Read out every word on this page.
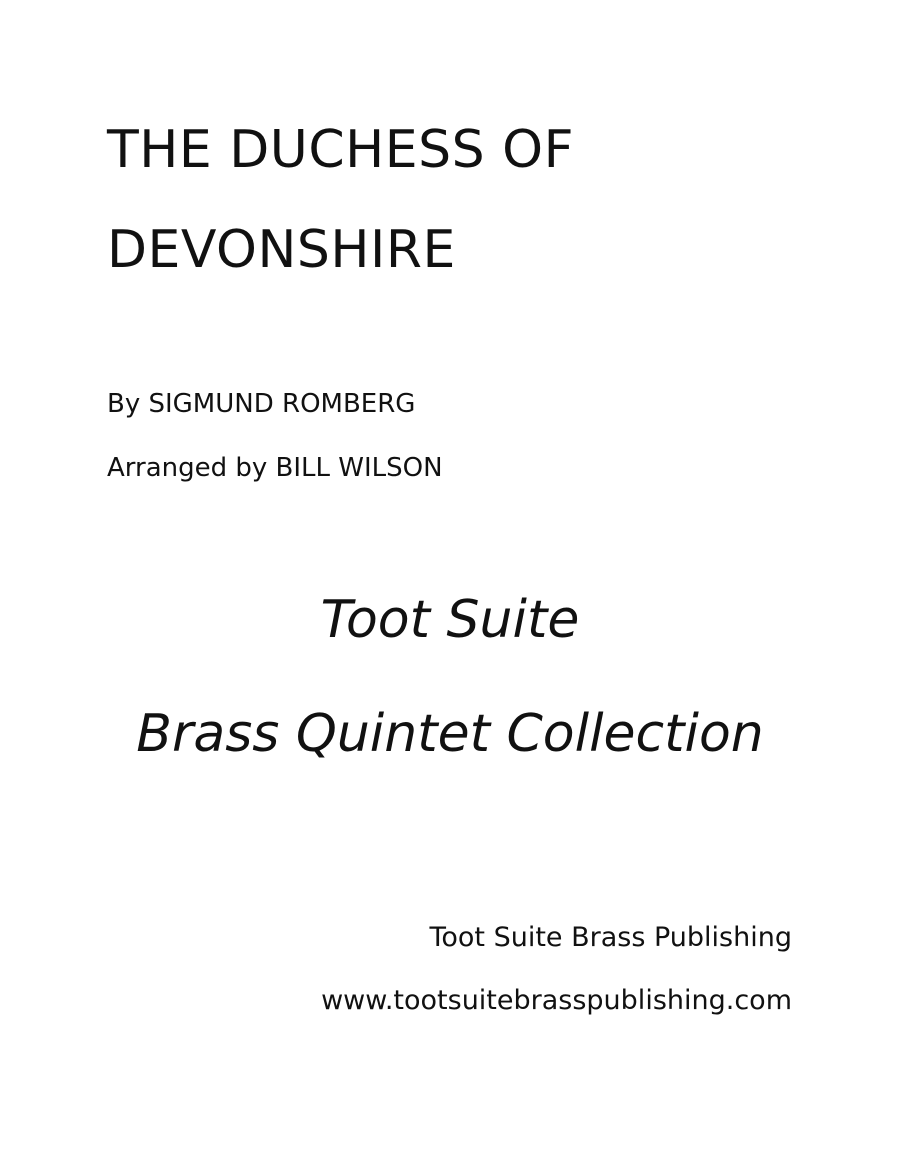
THE DUCHESS OF
DEVONSHIRE
By SIGMUND ROMBERG
Arranged by BILL WILSON
Toot Suite
Brass Quintet Collection
Toot Suite Brass Publishing
www.tootsuitebrasspublishing.com
